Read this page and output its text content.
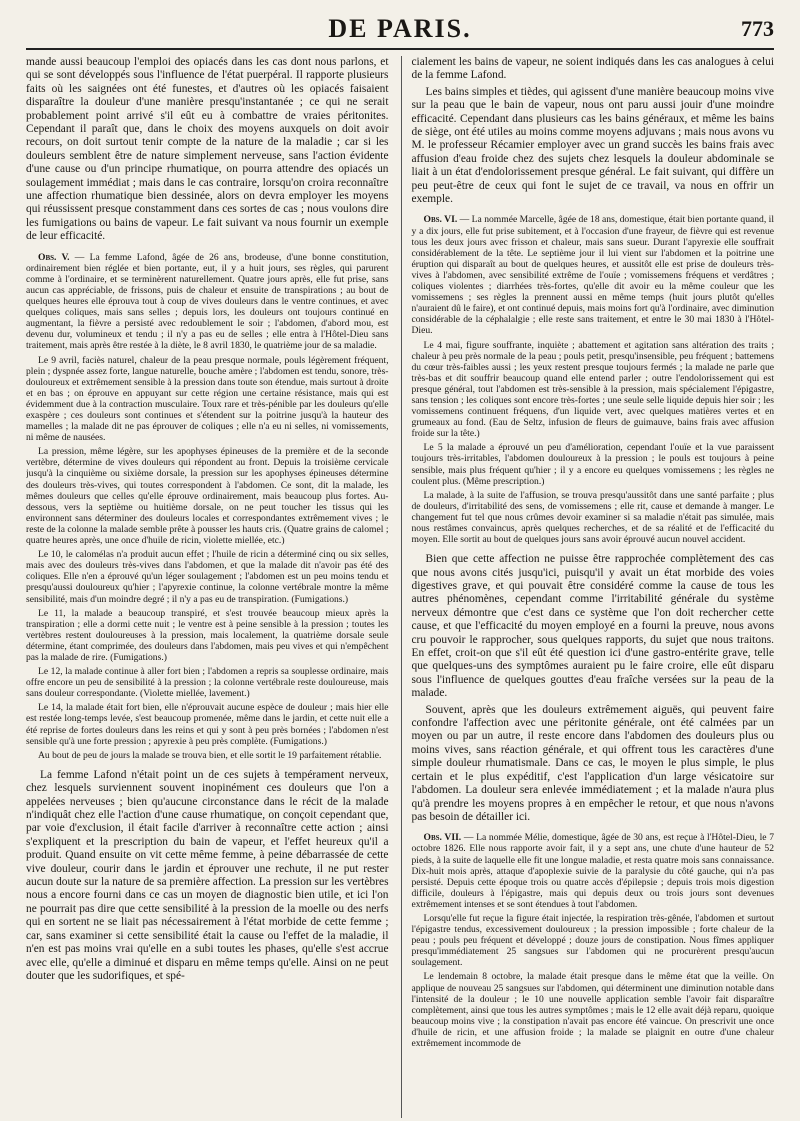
DE PARIS.	773

mande aussi beaucoup l'emploi des opiacés dans les cas dont nous parlons, et qui se sont développés sous l'influence de l'état puerpéral. Il rapporte plusieurs faits où les saignées ont été funestes, et d'autres où les opiacés faisaient disparaître la douleur d'une manière presqu'instantanée ; ce qui ne serait probablement point arrivé s'il eût eu à combattre de vraies péritonites. Cependant il paraît que, dans le choix des moyens auxquels on doit avoir recours, on doit surtout tenir compte de la nature de la maladie ; car si les douleurs semblent être de nature simplement nerveuse, sans l'action évidente d'une cause ou d'un principe rhumatique, on pourra attendre des opiacés un soulagement immédiat ; mais dans le cas contraire, lorsqu'on croira reconnaître une affection rhumatique bien dessinée, alors on devra employer les moyens qui réussissent presque constamment dans ces sortes de cas ; nous voulons dire les fumigations ou bains de vapeur. Le fait suivant va nous fournir un exemple de leur efficacité.

Obs. V. — La femme Lafond, âgée de 26 ans, brodeuse, d'une bonne constitution, ordinairement bien réglée et bien portante, eut, il y a huit jours, ses règles, qui parurent comme à l'ordinaire, et se terminèrent naturellement. Quatre jours après, elle fut prise, sans aucun cas appréciable, de frissons, puis de chaleur et ensuite de transpirations ; au bout de quelques heures elle éprouva tout à coup de vives douleurs dans le ventre continues, et avec quelques coliques, mais sans selles ; depuis lors, les douleurs ont toujours continué en augmentant, la fièvre a persisté avec redoublement le soir ; l'abdomen, d'abord mou, est devenu dur, volumineux et tendu ; il n'y a pas eu de selles ; elle entra à l'Hôtel-Dieu sans traitement, mais après être restée à la diète, le 8 avril 1830, le quatrième jour de sa maladie.

Le 9 avril, faciès naturel, chaleur de la peau presque normale, pouls légèrement fréquent, plein ; dyspnée assez forte, langue naturelle, bouche amère ; l'abdomen est tendu, sonore, très-douloureux et extrêmement sensible à la pression dans toute son étendue, mais surtout à droite et en bas ; on éprouve en appuyant sur cette région une certaine résistance, mais qui est évidemment due à la contraction musculaire. Toux rare et très-pénible par les douleurs qu'elle exaspère ; ces douleurs sont continues et s'étendent sur la poitrine jusqu'à la hauteur des mamelles ; la malade dit ne pas éprouver de coliques ; elle n'a eu ni selles, ni vomissements, ni même de nausées.

La pression, même légère, sur les apophyses épineuses de la première et de la seconde vertèbre, détermine de vives douleurs qui répondent au front. Depuis la troisième cervicale jusqu'à la cinquième ou sixième dorsale, la pression sur les apophyses épineuses détermine des douleurs très-vives, qui toutes correspondent à l'abdomen. Ce sont, dit la malade, les mêmes douleurs que celles qu'elle éprouve ordinairement, mais beaucoup plus fortes. Au-dessous, vers la septième ou huitième dorsale, on ne peut toucher les tissus qui les environnent sans déterminer des douleurs locales et correspondantes extrêmement vives ; le reste de la colonne la malade semble prête à pousser les hauts cris. (Quatre grains de calomel ; quatre heures après, une once d'huile de ricin, violette miellée, etc.)

Le 10, le calomélas n'a produit aucun effet ; l'huile de ricin a déterminé cinq ou six selles, mais avec des douleurs très-vives dans l'abdomen, et que la malade dit n'avoir pas été des coliques. Elle n'en a éprouvé qu'un léger soulagement ; l'abdomen est un peu moins tendu et presqu'aussi douloureux qu'hier ; l'apyrexie continue, la colonne vertébrale montre la même sensibilité, mais d'un moindre degré ; il n'y a pas eu de transpiration. (Fumigations.)

Le 11, la malade a beaucoup transpiré, et s'est trouvée beaucoup mieux après la transpiration ; elle a dormi cette nuit ; le ventre est à peine sensible à la pression ; toutes les vertèbres restent douloureuses à la pression, mais localement, la quatrième dorsale seule détermine, étant comprimée, des douleurs dans l'abdomen, mais peu vives et qui n'empêchent pas la malade de rire. (Fumigations.)

Le 12, la malade continue à aller fort bien ; l'abdomen a repris sa souplesse ordinaire, mais offre encore un peu de sensibilité à la pression ; la colonne vertébrale reste douloureuse, mais sans douleur correspondante. (Violette miellée, lavement.)

Le 14, la malade était fort bien, elle n'éprouvait aucune espèce de douleur ; mais hier elle est restée long-temps levée, s'est beaucoup promenée, même dans le jardin, et cette nuit elle a été reprise de fortes douleurs dans les reins et qui y sont à peu près bornées ; l'abdomen n'est sensible qu'à une forte pression ; apyrexie à peu près complète. (Fumigations.)

Au bout de peu de jours la malade se trouva bien, et elle sortit le 19 parfaitement rétablie.

La femme Lafond n'était point un de ces sujets à tempérament nerveux, chez lesquels surviennent souvent inopinément ces douleurs que l'on a appelées nerveuses ; bien qu'aucune circonstance dans le récit de la malade n'indiquât chez elle l'action d'une cause rhumatique, on conçoit cependant que, par voie d'exclusion, il était facile d'arriver à reconnaître cette action ; ainsi s'expliquent et la prescription du bain de vapeur, et l'effet heureux qu'il a produit. Quand ensuite on vit cette même femme, à peine débarrassée de cette vive douleur, courir dans le jardin et éprouver une rechute, il ne put rester aucun doute sur la nature de sa première affection. La pression sur les vertèbres nous a encore fourni dans ce cas un moyen de diagnostic bien utile, et ici l'on ne pourrait pas dire que cette sensibilité à la pression de la moelle ou des nerfs qui en sortent ne se liait pas nécessairement à l'état morbide de cette femme ; car, sans examiner si cette sensibilité était la cause ou l'effet de la maladie, il n'en est pas moins vrai qu'elle en a subi toutes les phases, qu'elle s'est accrue avec elle, qu'elle a diminué et disparu en même temps qu'elle. Ainsi on ne peut douter que les sudorifiques, et spé-

cialement les bains de vapeur, ne soient indiqués dans les cas analogues à celui de la femme Lafond.

Les bains simples et tièdes, qui agissent d'une manière beaucoup moins vive sur la peau que le bain de vapeur, nous ont paru aussi jouir d'une moindre efficacité. Cependant dans plusieurs cas les bains généraux, et même les bains de siège, ont été utiles au moins comme moyens adjuvans ; mais nous avons vu M. le professeur Récamier employer avec un grand succès les bains frais avec affusion d'eau froide chez des sujets chez lesquels la douleur abdominale se liait à un état d'endolorissement presque général. Le fait suivant, qui diffère un peu peut-être de ceux qui font le sujet de ce travail, va nous en offrir un exemple.

Obs. VI. — La nommée Marcelle, âgée de 18 ans, domestique, était bien portante quand, il y a dix jours, elle fut prise subitement, et à l'occasion d'une frayeur, de fièvre qui est revenue tous les deux jours avec frisson et chaleur, mais sans sueur. Durant l'apyrexie elle souffrait considérablement de la tête. Le septième jour il lui vient sur l'abdomen et la poitrine une éruption qui disparaît au bout de quelques heures, et aussitôt elle est prise de douleurs très-vives à l'abdomen, avec sensibilité extrême de l'ouïe ; vomissemens fréquens et verdâtres ; coliques violentes ; diarrhées très-fortes, qu'elle dit avoir eu la même couleur que les vomissemens ; ses règles la prennent aussi en même temps (huit jours plutôt qu'elles n'auraient dû le faire), et ont continué depuis, mais moins fort qu'à l'ordinaire, avec diminution considérable de la céphalalgie ; elle reste sans traitement, et entre le 30 mai 1830 à l'Hôtel-Dieu.

Le 4 mai, figure souffrante, inquiète ; abattement et agitation sans altération des traits ; chaleur à peu près normale de la peau ; pouls petit, presqu'insensible, peu fréquent ; battemens du cœur très-faibles aussi ; les yeux restent presque toujours fermés ; la malade ne parle que très-bas et dit souffrir beaucoup quand elle entend parler ; outre l'endolorissement qui est presque général, tout l'abdomen est très-sensible à la pression, mais spécialement l'épigastre, sans tension ; les coliques sont encore très-fortes ; une seule selle liquide depuis hier soir ; les vomissemens continuent fréquens, d'un liquide vert, avec quelques matières vertes et en grumeaux au fond. (Eau de Seltz, infusion de fleurs de guimauve, bains frais avec affusion froide sur la tête.)

Le 5 la malade a éprouvé un peu d'amélioration, cependant l'ouïe et la vue paraissent toujours très-irritables, l'abdomen douloureux à la pression ; le pouls est toujours à peine sensible, mais plus fréquent qu'hier ; il y a encore eu quelques vomissemens ; les règles ne coulent plus. (Même prescription.)

La malade, à la suite de l'affusion, se trouva presqu'aussitôt dans une santé parfaite ; plus de douleurs, d'irritabilité des sens, de vomissemens ; elle rit, cause et demande à manger. Le changement fut tel que nous crûmes devoir examiner si sa maladie n'était pas simulée, mais nous restâmes convaincus, après quelques recherches, et de sa réalité et de l'efficacité du moyen. Elle sortit au bout de quelques jours sans avoir éprouvé aucun nouvel accident.

Bien que cette affection ne puisse être rapprochée complètement des cas que nous avons cités jusqu'ici, puisqu'il y avait un état morbide des voies digestives grave, et qui pouvait être considéré comme la cause de tous les autres phénomènes, cependant comme l'irritabilité générale du système nerveux démontre que c'est dans ce système que l'on doit rechercher cette cause, et que l'efficacité du moyen employé en a fourni la preuve, nous avons cru pouvoir le rapprocher, sous quelques rapports, du sujet que nous traitons. En effet, croit-on que s'il eût été question ici d'une gastro-entérite grave, telle que quelques-uns des symptômes auraient pu le faire croire, elle eût disparu sous l'influence de quelques gouttes d'eau fraîche versées sur la peau de la malade.

Souvent, après que les douleurs extrêmement aiguës, qui peuvent faire confondre l'affection avec une péritonite générale, ont été calmées par un moyen ou par un autre, il reste encore dans l'abdomen des douleurs plus ou moins vives, sans réaction générale, et qui offrent tous les caractères d'une simple douleur rhumatismale. Dans ce cas, le moyen le plus simple, le plus certain et le plus expéditif, c'est l'application d'un large vésicatoire sur l'abdomen. La douleur sera enlevée immédiatement ; et la malade n'aura plus qu'à prendre les moyens propres à en empêcher le retour, et que nous n'avons pas besoin de détailler ici.

Obs. VII. — La nommée Mélie, domestique, âgée de 30 ans, est reçue à l'Hôtel-Dieu, le 7 octobre 1826. Elle nous rapporte avoir fait, il y a sept ans, une chute d'une hauteur de 52 pieds, à la suite de laquelle elle fit une longue maladie, et resta quatre mois sans connaissance. Dix-huit mois après, attaque d'apoplexie suivie de la paralysie du côté gauche, qui n'a pas persisté. Depuis cette époque trois ou quatre accès d'épilepsie ; depuis trois mois digestion difficile, douleurs à l'épigastre, mais qui depuis deux ou trois jours sont devenues extrêmement intenses et se sont étendues à tout l'abdomen.

Lorsqu'elle fut reçue la figure était injectée, la respiration très-gênée, l'abdomen et surtout l'épigastre tendus, excessivement douloureux ; la pression impossible ; forte chaleur de la peau ; pouls peu fréquent et développé ; douze jours de constipation. Nous fîmes appliquer presqu'immédiatement 25 sangsues sur l'abdomen qui ne procurèrent presqu'aucun soulagement.

Le lendemain 8 octobre, la malade était presque dans le même état que la veille. On applique de nouveau 25 sangsues sur l'abdomen, qui déterminent une diminution notable dans l'intensité de la douleur ; le 10 une nouvelle application semble l'avoir fait disparaître complètement, ainsi que tous les autres symptômes ; mais le 12 elle avait déjà reparu, quoique beaucoup moins vive ; la constipation n'avait pas encore été vaincue. On prescrivit une once d'huile de ricin, et une affusion froide ; la malade se plaignit en outre d'une chaleur extrêmement incommode de
